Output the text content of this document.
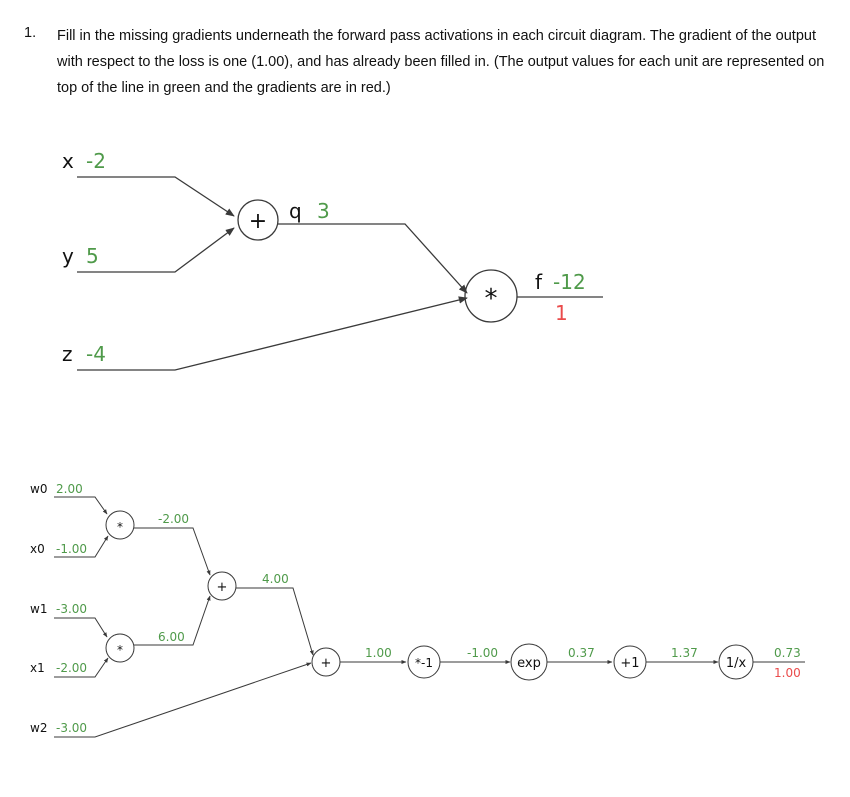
1. Fill in the missing gradients underneath the forward pass activations in each circuit diagram. The gradient of the output with respect to the loss is one (1.00), and has already been filled in. (The output values for each unit are represented on top of the line in green and the gradients are in red.)
x -2
y 5
z -4
+ q 3
*
f -12
1
w0 2.00
x0 -1.00
w1 -3.00
x1 -2.00
w2 -3.00
*
-2.00
*
6.00
+
4.00
+
1.00
*-1
-1.00
exp
0.37
+1
1.37
1/x
0.73
1.00
